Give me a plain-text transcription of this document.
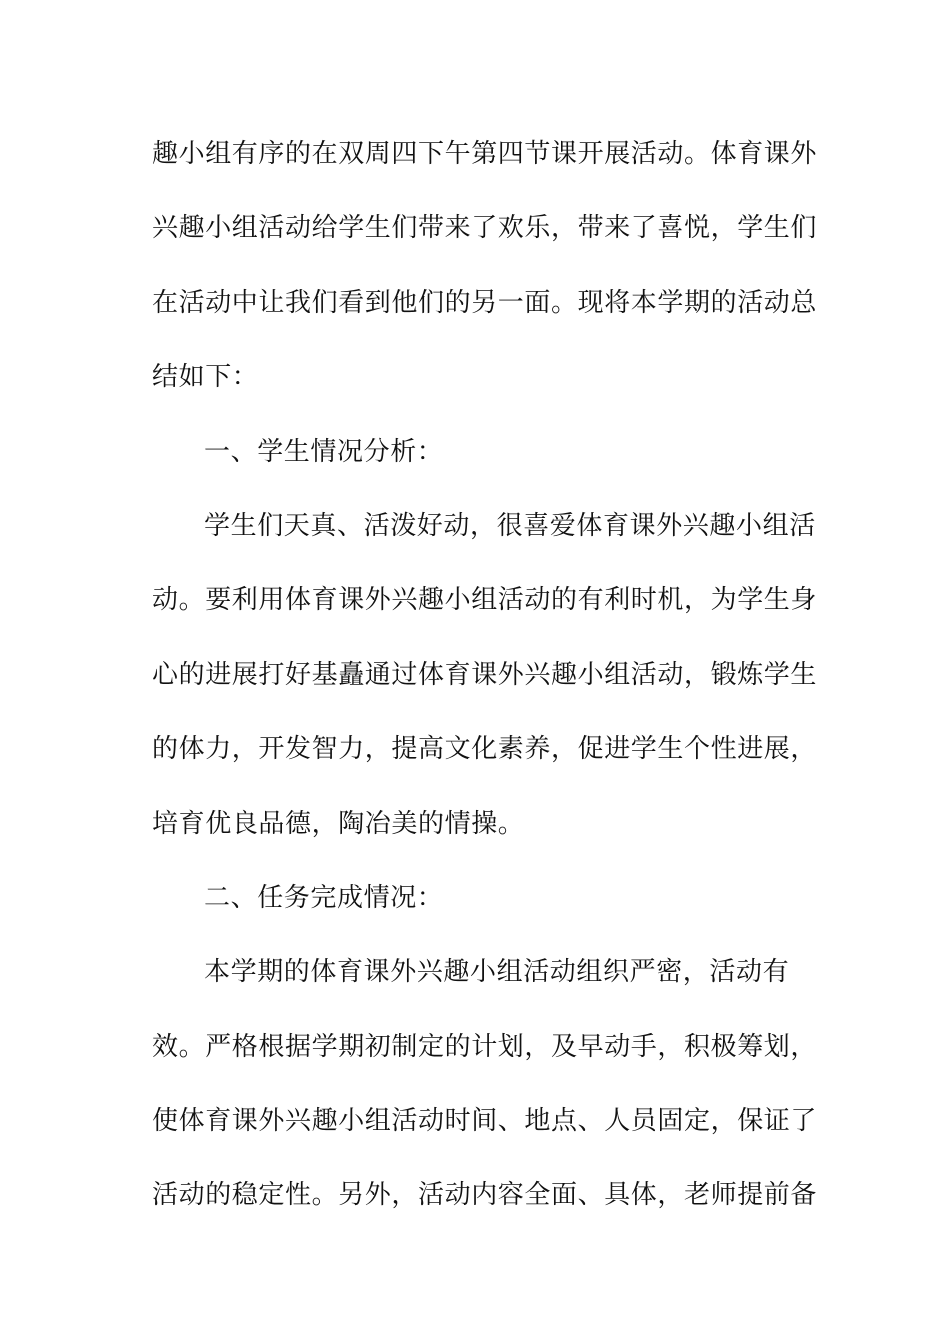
趣小组有序的在双周四下午第四节课开展活动。体育课外
兴趣小组活动给学生们带来了欢乐，带来了喜悦，学生们
在活动中让我们看到他们的另一面。现将本学期的活动总
结如下：
一、学生情况分析：
学生们天真、活泼好动，很喜爱体育课外兴趣小组活
动。要利用体育课外兴趣小组活动的有利时机，为学生身
心的进展打好基矗通过体育课外兴趣小组活动，锻炼学生
的体力，开发智力，提高文化素养，促进学生个性进展，
培育优良品德，陶冶美的情操。
二、任务完成情况：
本学期的体育课外兴趣小组活动组织严密，活动有
效。严格根据学期初制定的计划，及早动手，积极筹划，
使体育课外兴趣小组活动时间、地点、人员固定，保证了
活动的稳定性。另外，活动内容全面、具体，老师提前备
